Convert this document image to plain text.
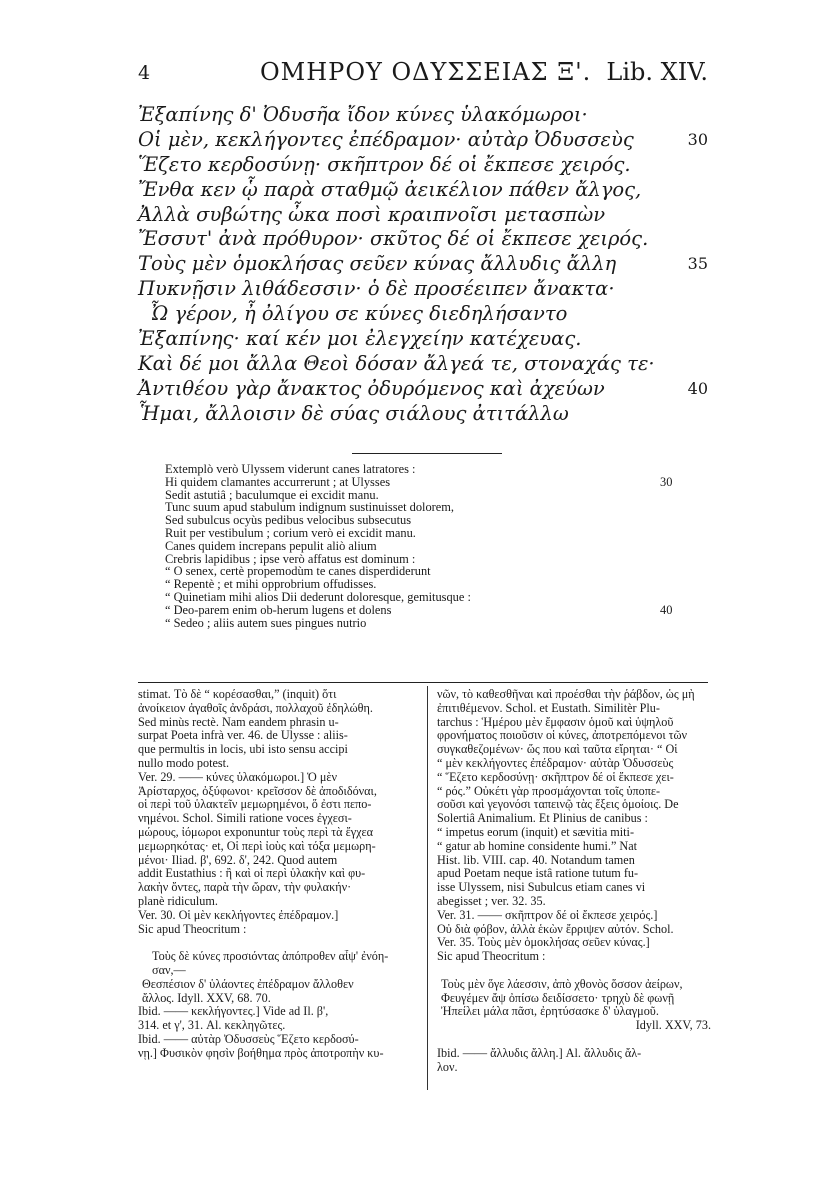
4	ΟΜΗΡΟΥ ΟΔΥΣΣΕΙΑΣ Ξ'. Lib. XIV.
Ἐξαπίνης δ' Ὀδυσῆα ἴδον κύνες ὑλακόμωροι·
Οἱ μὲν, κεκλήγοντες ἐπέδραμον· αὐτὰρ Ὀδυσσεὺς	30
Ἕζετο κερδοσύνῃ· σκῆπτρον δέ οἱ ἔκπεσε χειρός.
Ἔνθα κεν ᾧ παρὰ σταθμῷ ἀεικέλιον πάθεν ἄλγος,
Ἀλλὰ συβώτης ὦκα ποσὶ κραιπνοῖσι μετασπὼν
Ἔσσυτ' ἀνὰ πρόθυρον· σκῦτος δέ οἱ ἔκπεσε χειρός.
Τοὺς μὲν ὁμοκλήσας σεῦεν κύνας ἄλλυδις ἄλλη	35
Πυκνῇσιν λιθάδεσσιν· ὁ δὲ προσέειπεν ἄνακτα·
Ὦ γέρον, ἦ ὀλίγου σε κύνες διεδηλήσαντο
Ἐξαπίνης· καί κέν μοι ἐλεγχείην κατέχευας.
Καὶ δέ μοι ἄλλα Θεοὶ δόσαν ἄλγεά τε, στοναχάς τε·
Ἀντιθέου γὰρ ἄνακτος ὀδυρόμενος καὶ ἀχεύων	40
Ἧμαι, ἄλλοισιν δὲ σύας σιάλους ἀτιτάλλω
Extemplò verò Ulyssem viderunt canes latratores :
Hi quidem clamantes accurrerunt ; at Ulysses	30
Sedit astutiâ ; baculumque ei excidit manu.
Tunc suum apud stabulum indignum sustinuisset dolorem,
Sed subulcus ocyùs pedibus velocibus subsecutus
Ruit per vestibulum ; corium verò ei excidit manu.
Canes quidem increpans pepulit aliò alium
Crebris lapidibus ; ipse verò affatus est dominum :
“ O senex, certè propemodùm te canes disperdiderunt
“ Repentè ; et mihi opprobrium offudisses.
“ Quinetiam mihi alios Dii dederunt doloresque, gemitusque :
“ Deo-parem enim ob-herum lugens et dolens	40
“ Sedeo ; aliis autem sues pingues nutrio
stimat. Τὸ δὲ “ κορέσασθαι,” (inquit) ὅτι
ἀνοίκειον ἀγαθοῖς ἀνδράσι, πολλαχοῦ ἐδηλώθη.
Sed minùs rectè. Nam eandem phrasin u-
surpat Poeta infrà ver. 46. de Ulysse : aliis-
que permultis in locis, ubi isto sensu accipi
nullo modo potest.
Ver. 29. —— κύνες ὑλακόμωροι.] Ὁ μὲν
Ἀρίσταρχος, ὀξύφωνοι· κρεῖσσον δὲ ἀποδιδόναι,
οἱ περὶ τοῦ ὑλακτεῖν μεμωρημένοι, ὅ ἐστι πεπο-
νημένοι. Schol. Simili ratione voces ἐγχεσι-
μώρους, ἰόμωροι exponuntur τοὺς περὶ τὰ ἔγχεα
μεμωρηκότας· et, Οἱ περὶ ἰοὺς καὶ τόξα μεμωρη-
μένοι· Iliad. β', 692. δ', 242. Quod autem
addit Eustathius : ἢ καὶ οἱ περὶ ὑλακὴν καὶ φυ-
λακὴν ὄντες, παρὰ τὴν ὤραν, τὴν φυλακήν·
planè ridiculum.
Ver. 30. Οἱ μὲν κεκλήγοντες ἐπέδραμον.]
Sic apud Theocritum :
Τοὺς δὲ κύνες προσιόντας ἀπόπροθεν αἶψ' ἐνόη-
σαν,—
Θεσπέσιον δ' ὑλάοντες ἐπέδραμον ἄλλοθεν
ἄλλος. Idyll. XXV, 68. 70.
Ibid. —— κεκλήγοντες.] Vide ad Il. β',
314. et γ', 31. Al. κεκληγῶτες.
Ibid. —— αὐτὰρ Ὀδυσσεὺς Ἕζετο κερδοσύ-
νῃ.] Φυσικὸν φησὶν βοήθημα πρὸς ἀποτροπὴν κυ-
νῶν, τὸ καθεσθῆναι καὶ προέσθαι τὴν ῥάβδον, ὡς μὴ
ἐπιτιθέμενον. Schol. et Eustath. Similitèr Plu-
tarchus : Ἡμέρου μὲν ἔμφασιν ὁμοῦ καὶ ὑψηλοῦ
φρονήματος ποιοῦσιν οἱ κύνες, ἀποτρεπόμενοι τῶν
συγκαθεζομένων· ὥς που καὶ ταῦτα εἴρηται· “ Οἱ
“ μὲν κεκλήγοντες ἐπέδραμον· αὐτὰρ Ὀδυσσεὺς
“ Ἕζετο κερδοσύνῃ· σκῆπτρον δέ οἱ ἔκπεσε χει-
“ ρός.” Οὐκέτι γὰρ προσμάχονται τοῖς ὑποπε-
σοῦσι καὶ γεγονόσι ταπεινῷ τὰς ἕξεις ὁμοίοις. De
Solertiâ Animalium. Et Plinius de canibus :
“ impetus eorum (inquit) et sævitia miti-
“ gatur ab homine considente humi.” Nat
Hist. lib. VIII. cap. 40. Notandum tamen
apud Poetam neque istâ ratione tutum fu-
isse Ulyssem, nisi Subulcus etiam canes vi
abegisset ; ver. 32. 35.
Ver. 31. —— σκῆπτρον δέ οἱ ἔκπεσε χειρός.]
Οὐ διὰ φόβον, ἀλλὰ ἑκὼν ἔρριψεν αὐτόν. Schol.
Ver. 35. Τοὺς μὲν ὁμοκλήσας σεῦεν κύνας.]
Sic apud Theocritum :
Τοὺς μὲν ὅγε λάεσσιν, ἀπὸ χθονὸς ὅσσον ἀείρων,
Φευγέμεν ἄψ ὀπίσω δειδίσσετο· τρηχὺ δὲ φωνῇ
Ἠπείλει μάλα πᾶσι, ἐρητύσασκε δ' ὑλαγμοῦ.
Idyll. XXV, 73.
Ibid. —— ἄλλυδις ἄλλη.] Al. ἄλλυδις ἄλ-
λον.
